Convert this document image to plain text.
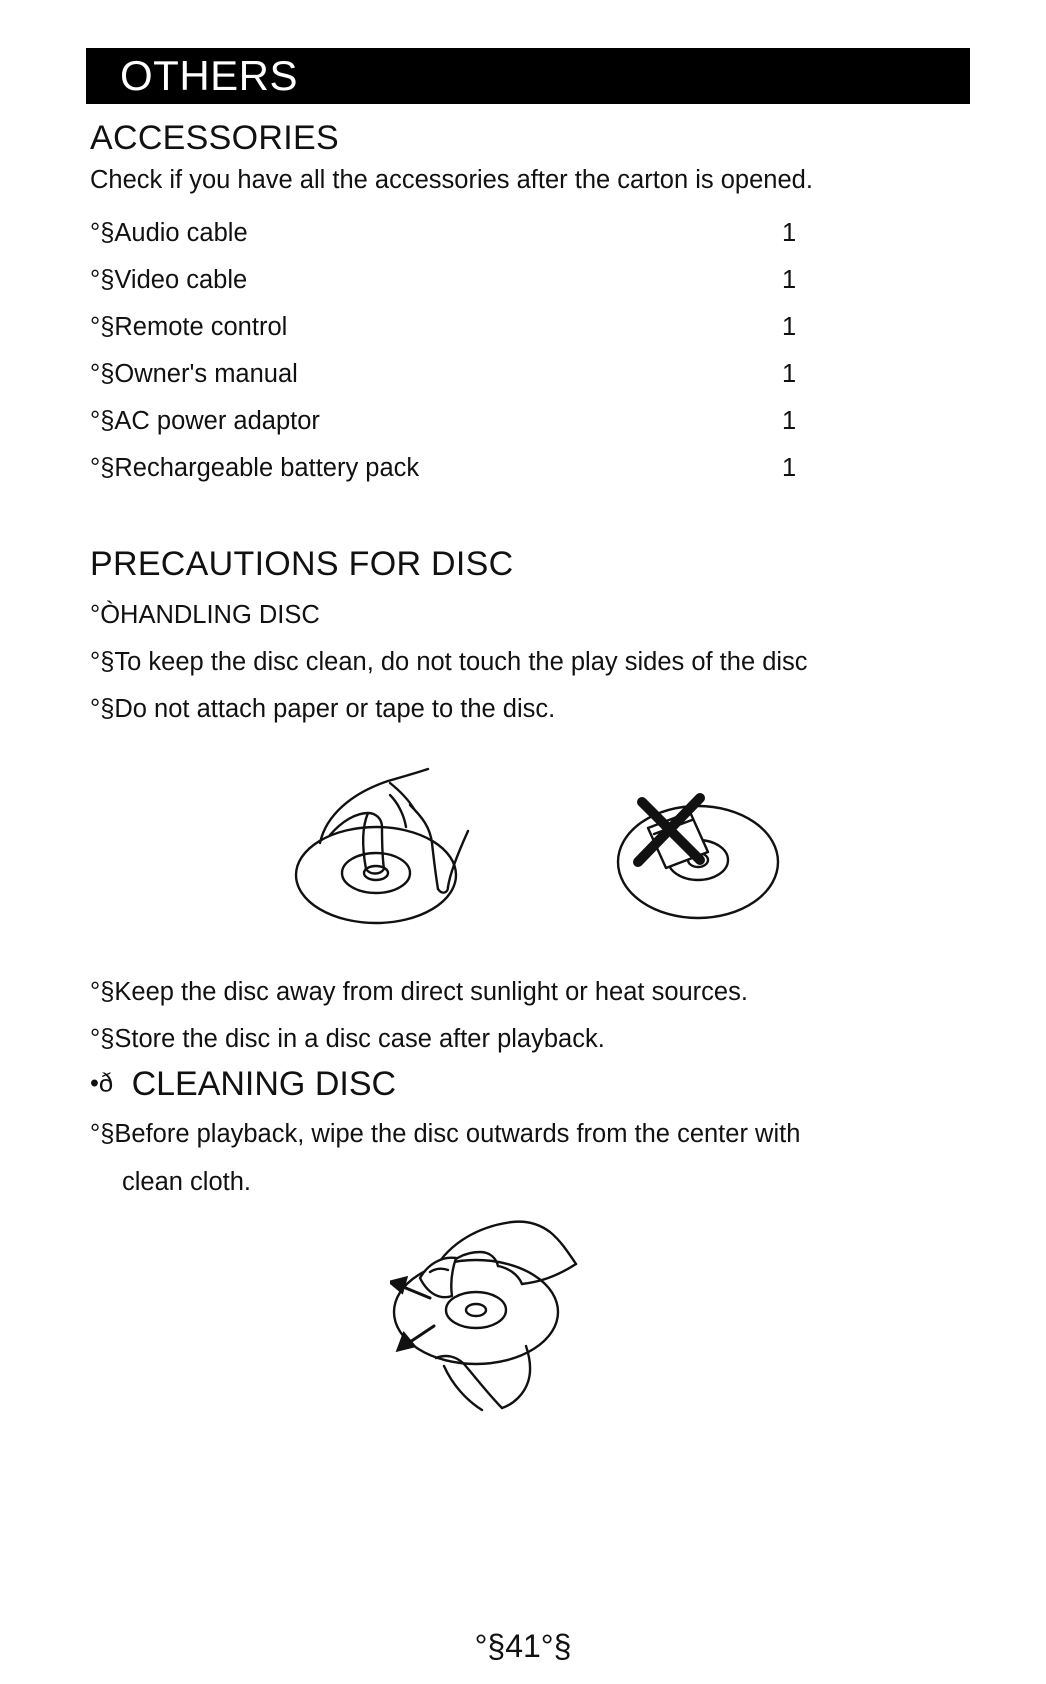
OTHERS
ACCESSORIES
Check if you have all the accessories after the carton is opened.
°§Audio cable	1
°§Video cable	1
°§Remote control	1
°§Owner's manual	1
°§AC power adaptor	1
°§Rechargeable battery pack	1
PRECAUTIONS FOR DISC
°ÒHANDLING DISC
°§To keep the disc clean, do not touch the play sides of the disc
°§Do not attach paper or tape to the disc.
°§Keep the disc away from direct sunlight or heat sources.
°§Store the disc in a disc case after playback.
•ð CLEANING DISC
°§Before playback, wipe the disc outwards from the center with
clean cloth.
°§41°§
